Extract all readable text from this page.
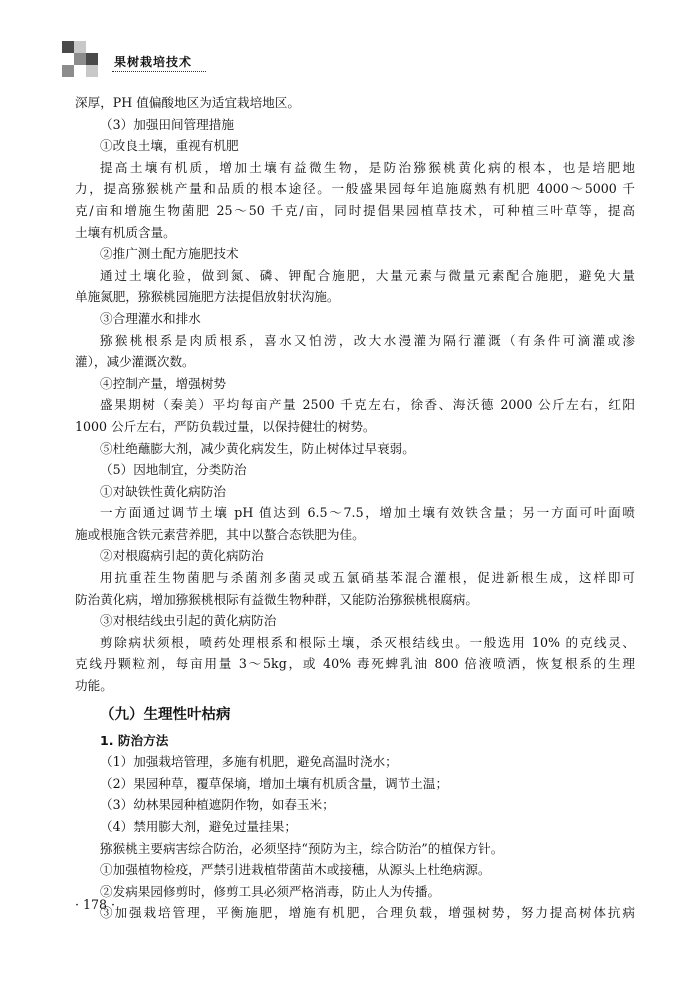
果树栽培技术
深厚，PH 值偏酸地区为适宜栽培地区。
（3）加强田间管理措施
①改良土壤，重视有机肥
提高土壤有机质，增加土壤有益微生物，是防治猕猴桃黄化病的根本，也是培肥地
力，提高猕猴桃产量和品质的根本途径。一般盛果园每年追施腐熟有机肥 4000～5000 千
克/亩和增施生物菌肥 25～50 千克/亩，同时提倡果园植草技术，可种植三叶草等，提高
土壤有机质含量。
②推广测土配方施肥技术
通过土壤化验，做到氮、磷、钾配合施肥，大量元素与微量元素配合施肥，避免大量
单施氮肥，猕猴桃园施肥方法提倡放射状沟施。
③合理灌水和排水
猕猴桃根系是肉质根系，喜水又怕涝，改大水漫灌为隔行灌溉（有条件可滴灌或渗
灌），减少灌溉次数。
④控制产量，增强树势
盛果期树（秦美）平均每亩产量 2500 千克左右，徐香、海沃德 2000 公斤左右，红阳
1000 公斤左右，严防负载过量，以保持健壮的树势。
⑤杜绝蘸膨大剂，减少黄化病发生，防止树体过早衰弱。
（5）因地制宜，分类防治
①对缺铁性黄化病防治
一方面通过调节土壤 pH 值达到 6.5～7.5，增加土壤有效铁含量；另一方面可叶面喷
施或根施含铁元素营养肥，其中以螯合态铁肥为佳。
②对根腐病引起的黄化病防治
用抗重茬生物菌肥与杀菌剂多菌灵或五氯硝基苯混合灌根，促进新根生成，这样即可
防治黄化病，增加猕猴桃根际有益微生物种群，又能防治猕猴桃根腐病。
③对根结线虫引起的黄化病防治
剪除病状须根，喷药处理根系和根际土壤，杀灭根结线虫。一般选用 10% 的克线灵、
克线丹颗粒剂，每亩用量 3～5kg，或 40% 毒死蜱乳油 800 倍液喷洒，恢复根系的生理
功能。
（九）生理性叶枯病
1. 防治方法
（1）加强栽培管理，多施有机肥，避免高温时浇水；
（2）果园种草，覆草保墒，增加土壤有机质含量，调节土温；
（3）幼林果园种植遮阴作物，如春玉米；
（4）禁用膨大剂，避免过量挂果；
猕猴桃主要病害综合防治，必须坚持“预防为主，综合防治”的植保方针。
①加强植物检疫，严禁引进栽植带菌苗木或接穗，从源头上杜绝病源。
②发病果园修剪时，修剪工具必须严格消毒，防止人为传播。
③加强栽培管理，平衡施肥，增施有机肥，合理负载，增强树势，努力提高树体抗病
· 178 ·
